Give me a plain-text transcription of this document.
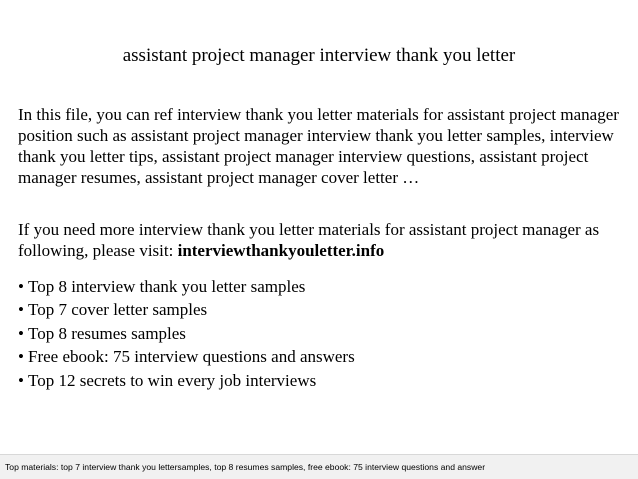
assistant project manager interview thank you letter

In this file, you can ref interview thank you letter materials for assistant project manager position such as assistant project manager interview thank you letter samples, interview thank you letter tips, assistant project manager interview questions, assistant project manager resumes, assistant project manager cover letter …

If you need more interview thank you letter materials for assistant project manager as following, please visit: interviewthankyouletter.info

• Top 8 interview thank you letter samples
• Top 7 cover letter samples
• Top 8 resumes samples
• Free ebook: 75 interview questions and answers
• Top 12 secrets to win every job interviews
Top materials: top 7 interview thank you lettersamples, top 8 resumes samples, free ebook: 75 interview questions and answer
